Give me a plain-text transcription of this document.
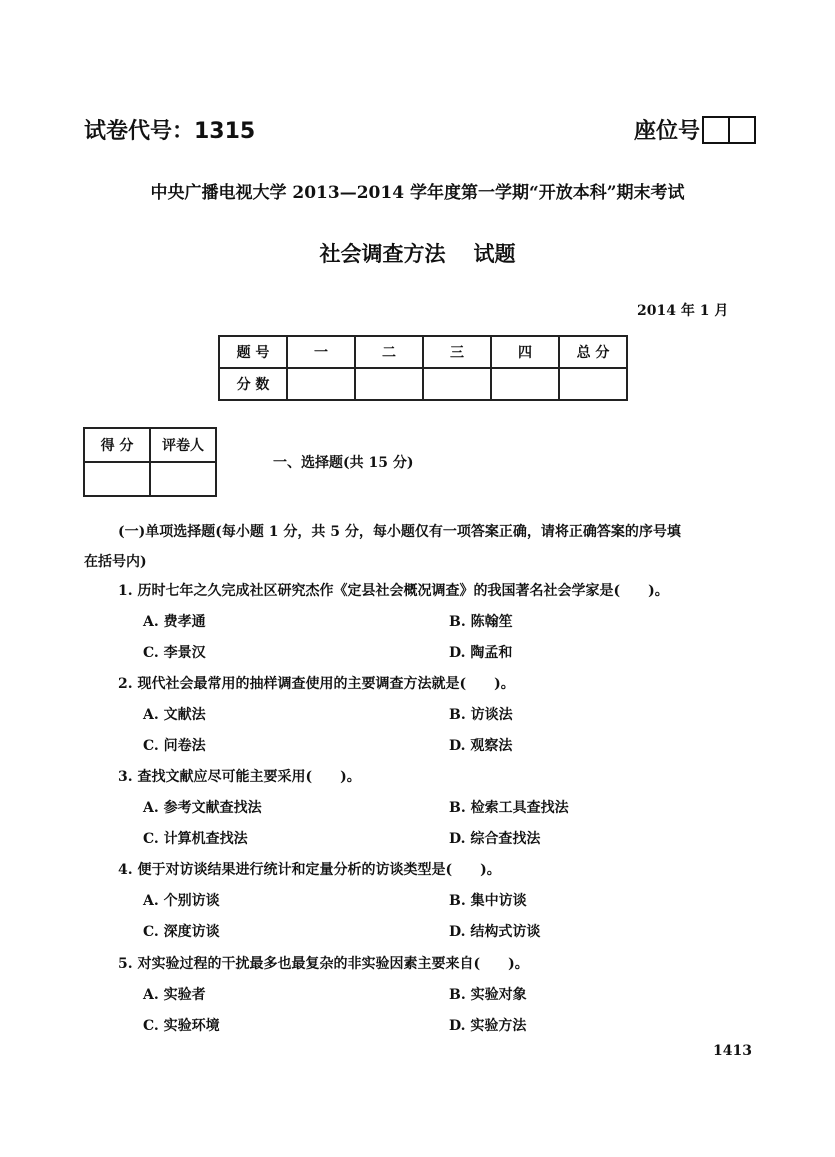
试卷代号：1315	座位号
中央广播电视大学 2013—2014 学年度第一学期“开放本科”期末考试
社会调查方法 试题
2014 年 1 月
题 号	一	二	三	四	总 分
分 数					
得 分	评卷人

一、选择题(共 15 分)
(一)单项选择题(每小题 1 分，共 5 分，每小题仅有一项答案正确，请将正确答案的序号填
在括号内)
1. 历时七年之久完成社区研究杰作《定县社会概况调查》的我国著名社会学家是(　　)。
A. 费孝通	B. 陈翰笙
C. 李景汉	D. 陶孟和
2. 现代社会最常用的抽样调查使用的主要调查方法就是(　　)。
A. 文献法	B. 访谈法
C. 问卷法	D. 观察法
3. 查找文献应尽可能主要采用(　　)。
A. 参考文献查找法	B. 检索工具查找法
C. 计算机查找法	D. 综合查找法
4. 便于对访谈结果进行统计和定量分析的访谈类型是(　　)。
A. 个别访谈	B. 集中访谈
C. 深度访谈	D. 结构式访谈
5. 对实验过程的干扰最多也最复杂的非实验因素主要来自(　　)。
A. 实验者	B. 实验对象
C. 实验环境	D. 实验方法
1413
